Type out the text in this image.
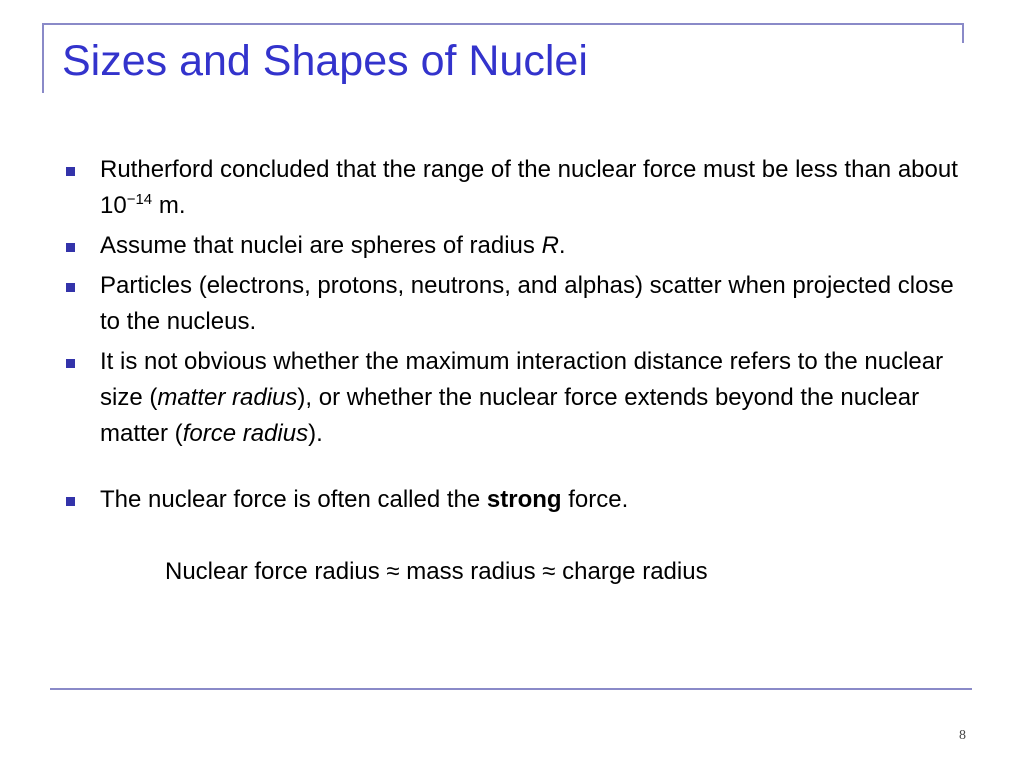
Sizes and Shapes of Nuclei
Rutherford concluded that the range of the nuclear force must be less than about $10^{-14}$ m.
Assume that nuclei are spheres of radius R.
Particles (electrons, protons, neutrons, and alphas) scatter when projected close to the nucleus.
It is not obvious whether the maximum interaction distance refers to the nuclear size (matter radius), or whether the nuclear force extends beyond the nuclear matter (force radius).
The nuclear force is often called the strong force.
Nuclear force radius ≈ mass radius ≈ charge radius
8
